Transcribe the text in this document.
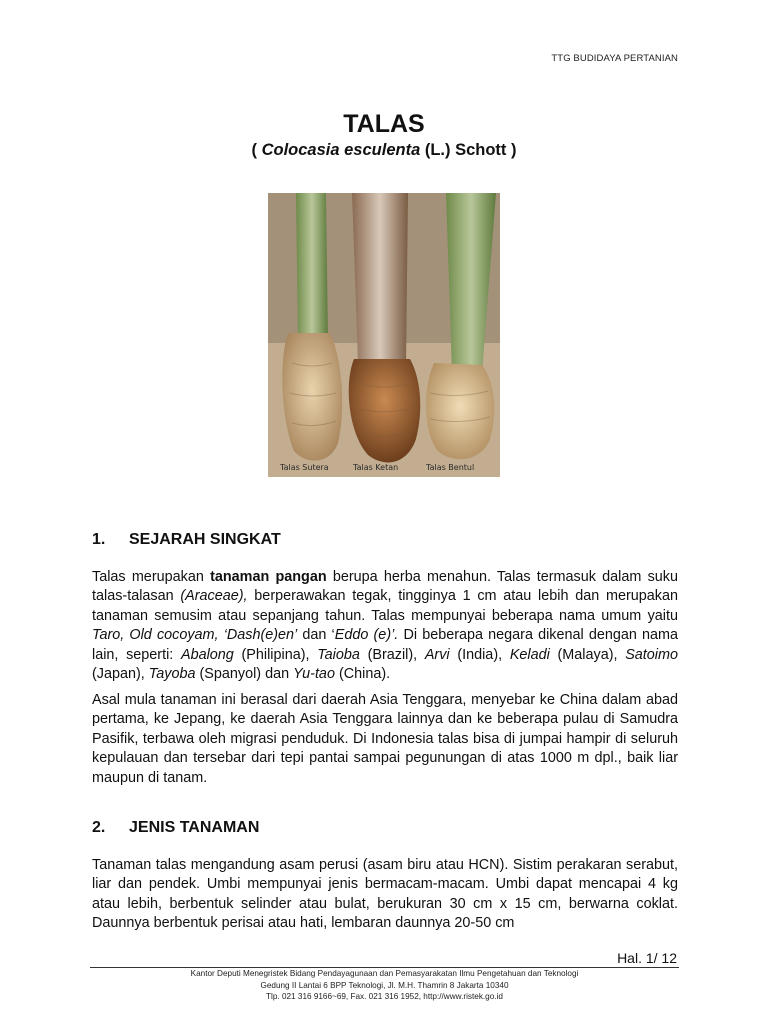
TTG BUDIDAYA PERTANIAN
TALAS
( Colocasia esculenta (L.) Schott )
Talas Sutera	Talas Ketan	Talas Bentul
1. SEJARAH SINGKAT

Talas merupakan tanaman pangan berupa herba menahun. Talas termasuk dalam suku talas-talasan (Araceae), berperawakan tegak, tingginya 1 cm atau lebih dan merupakan tanaman semusim atau sepanjang tahun. Talas mempunyai beberapa nama umum yaitu Taro, Old cocoyam, ‘Dash(e)en’ dan ‘Eddo (e)’. Di beberapa negara dikenal dengan nama lain, seperti: Abalong (Philipina), Taioba (Brazil), Arvi (India), Keladi (Malaya), Satoimo (Japan), Tayoba (Spanyol) dan Yu-tao (China).

Asal mula tanaman ini berasal dari daerah Asia Tenggara, menyebar ke China dalam abad pertama, ke Jepang, ke daerah Asia Tenggara lainnya dan ke beberapa pulau di Samudra Pasifik, terbawa oleh migrasi penduduk. Di Indonesia talas bisa di jumpai hampir di seluruh kepulauan dan tersebar dari tepi pantai sampai pegunungan di atas 1000 m dpl., baik liar maupun di tanam.

2. JENIS TANAMAN

Tanaman talas mengandung asam perusi (asam biru atau HCN). Sistim perakaran serabut, liar dan pendek. Umbi mempunyai jenis bermacam-macam. Umbi dapat mencapai 4 kg atau lebih, berbentuk selinder atau bulat, berukuran 30 cm x 15 cm, berwarna coklat. Daunnya berbentuk perisai atau hati, lembaran daunnya 20-50 cm

Hal. 1/ 12
Kantor Deputi Menegristek Bidang Pendayagunaan dan Pemasyarakatan Ilmu Pengetahuan dan Teknologi
Gedung II Lantai 6 BPP Teknologi, Jl. M.H. Thamrin 8 Jakarta 10340
Tlp. 021 316 9166~69, Fax. 021 316 1952, http://www.ristek.go.id
